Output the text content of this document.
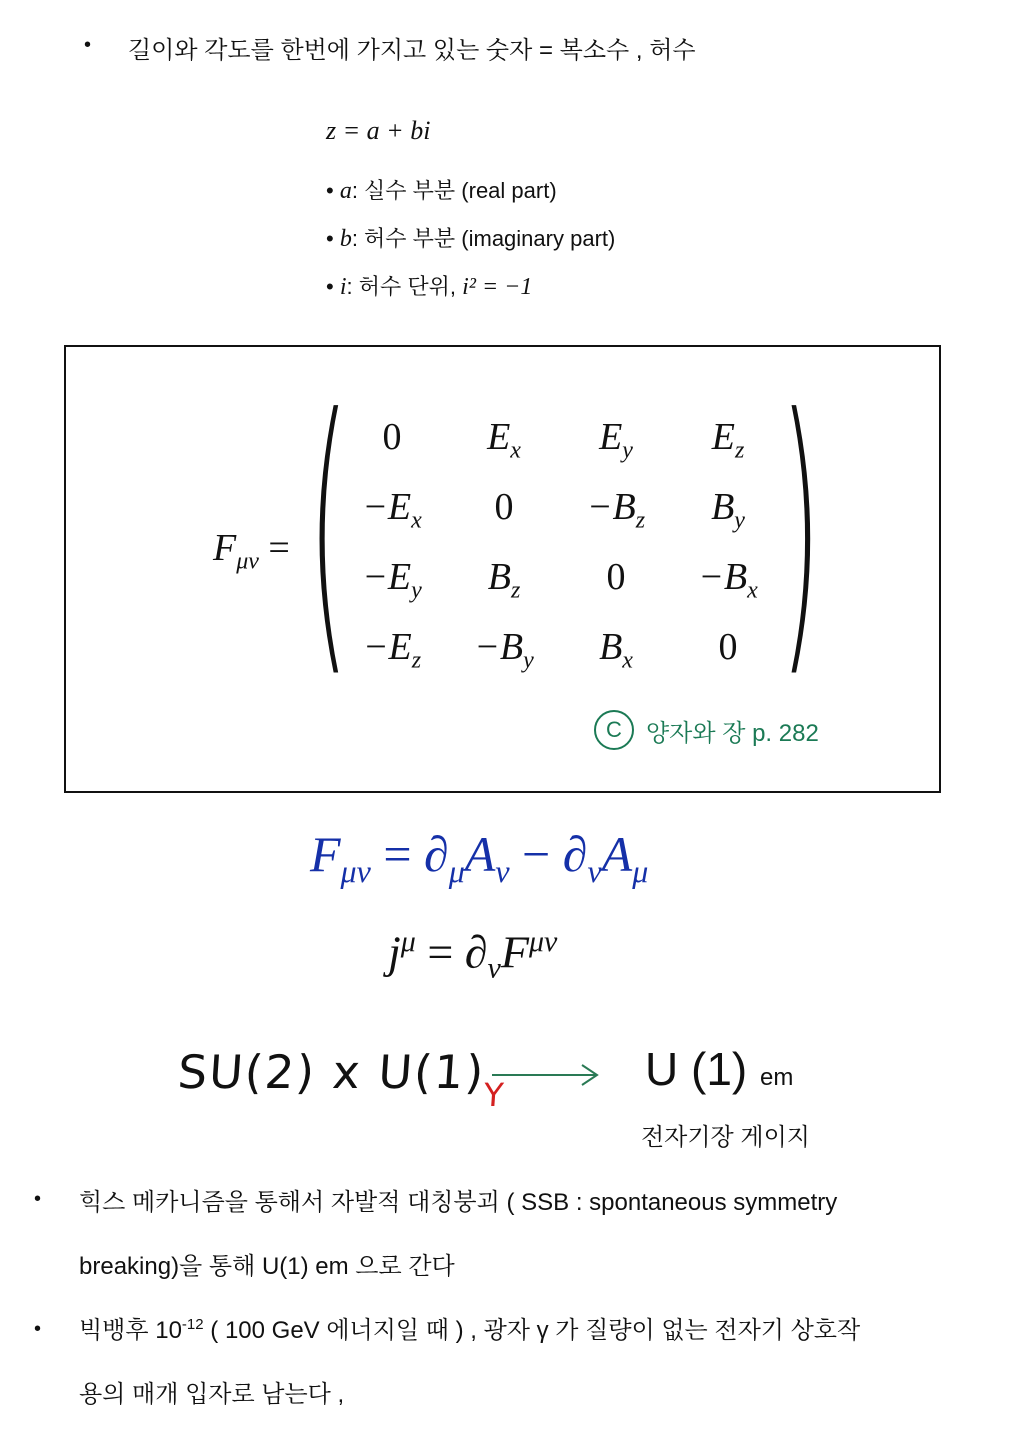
• 길이와 각도를 한번에 가지고 있는 숫자 = 복소수 , 허수
z = a + bi
• a: 실수 부분 (real part)
• b: 허수 부분 (imaginary part)
• i: 허수 단위, i² = −1
$F_{\mu\nu}$ = ( )
0	$E_x$	$E_y$	$E_z$
$-E_x$	0	$-B_z$	$B_y$
$-E_y$	$B_z$	0	$-B_x$
$-E_z$	$-B_y$	$B_x$	0
C	양자와 장 p. 282
$F_{\mu\nu} = \partial_\mu A_\nu - \partial_\nu A_\mu$
$j^\mu = \partial_\nu F^{\mu\nu}$
SU(2) x $U(1)_Y$	U (1) em
전자기장 게이지
• 힉스 메카니즘을 통해서 자발적 대칭붕괴 ( SSB : spontaneous symmetry
breaking)을 통해 U(1) em 으로 간다
• 빅뱅후 $10^{-12}$ ( 100 GeV 에너지일 때 ) , 광자 γ 가 질량이 없는 전자기 상호작
용의 매개 입자로 남는다 ,
